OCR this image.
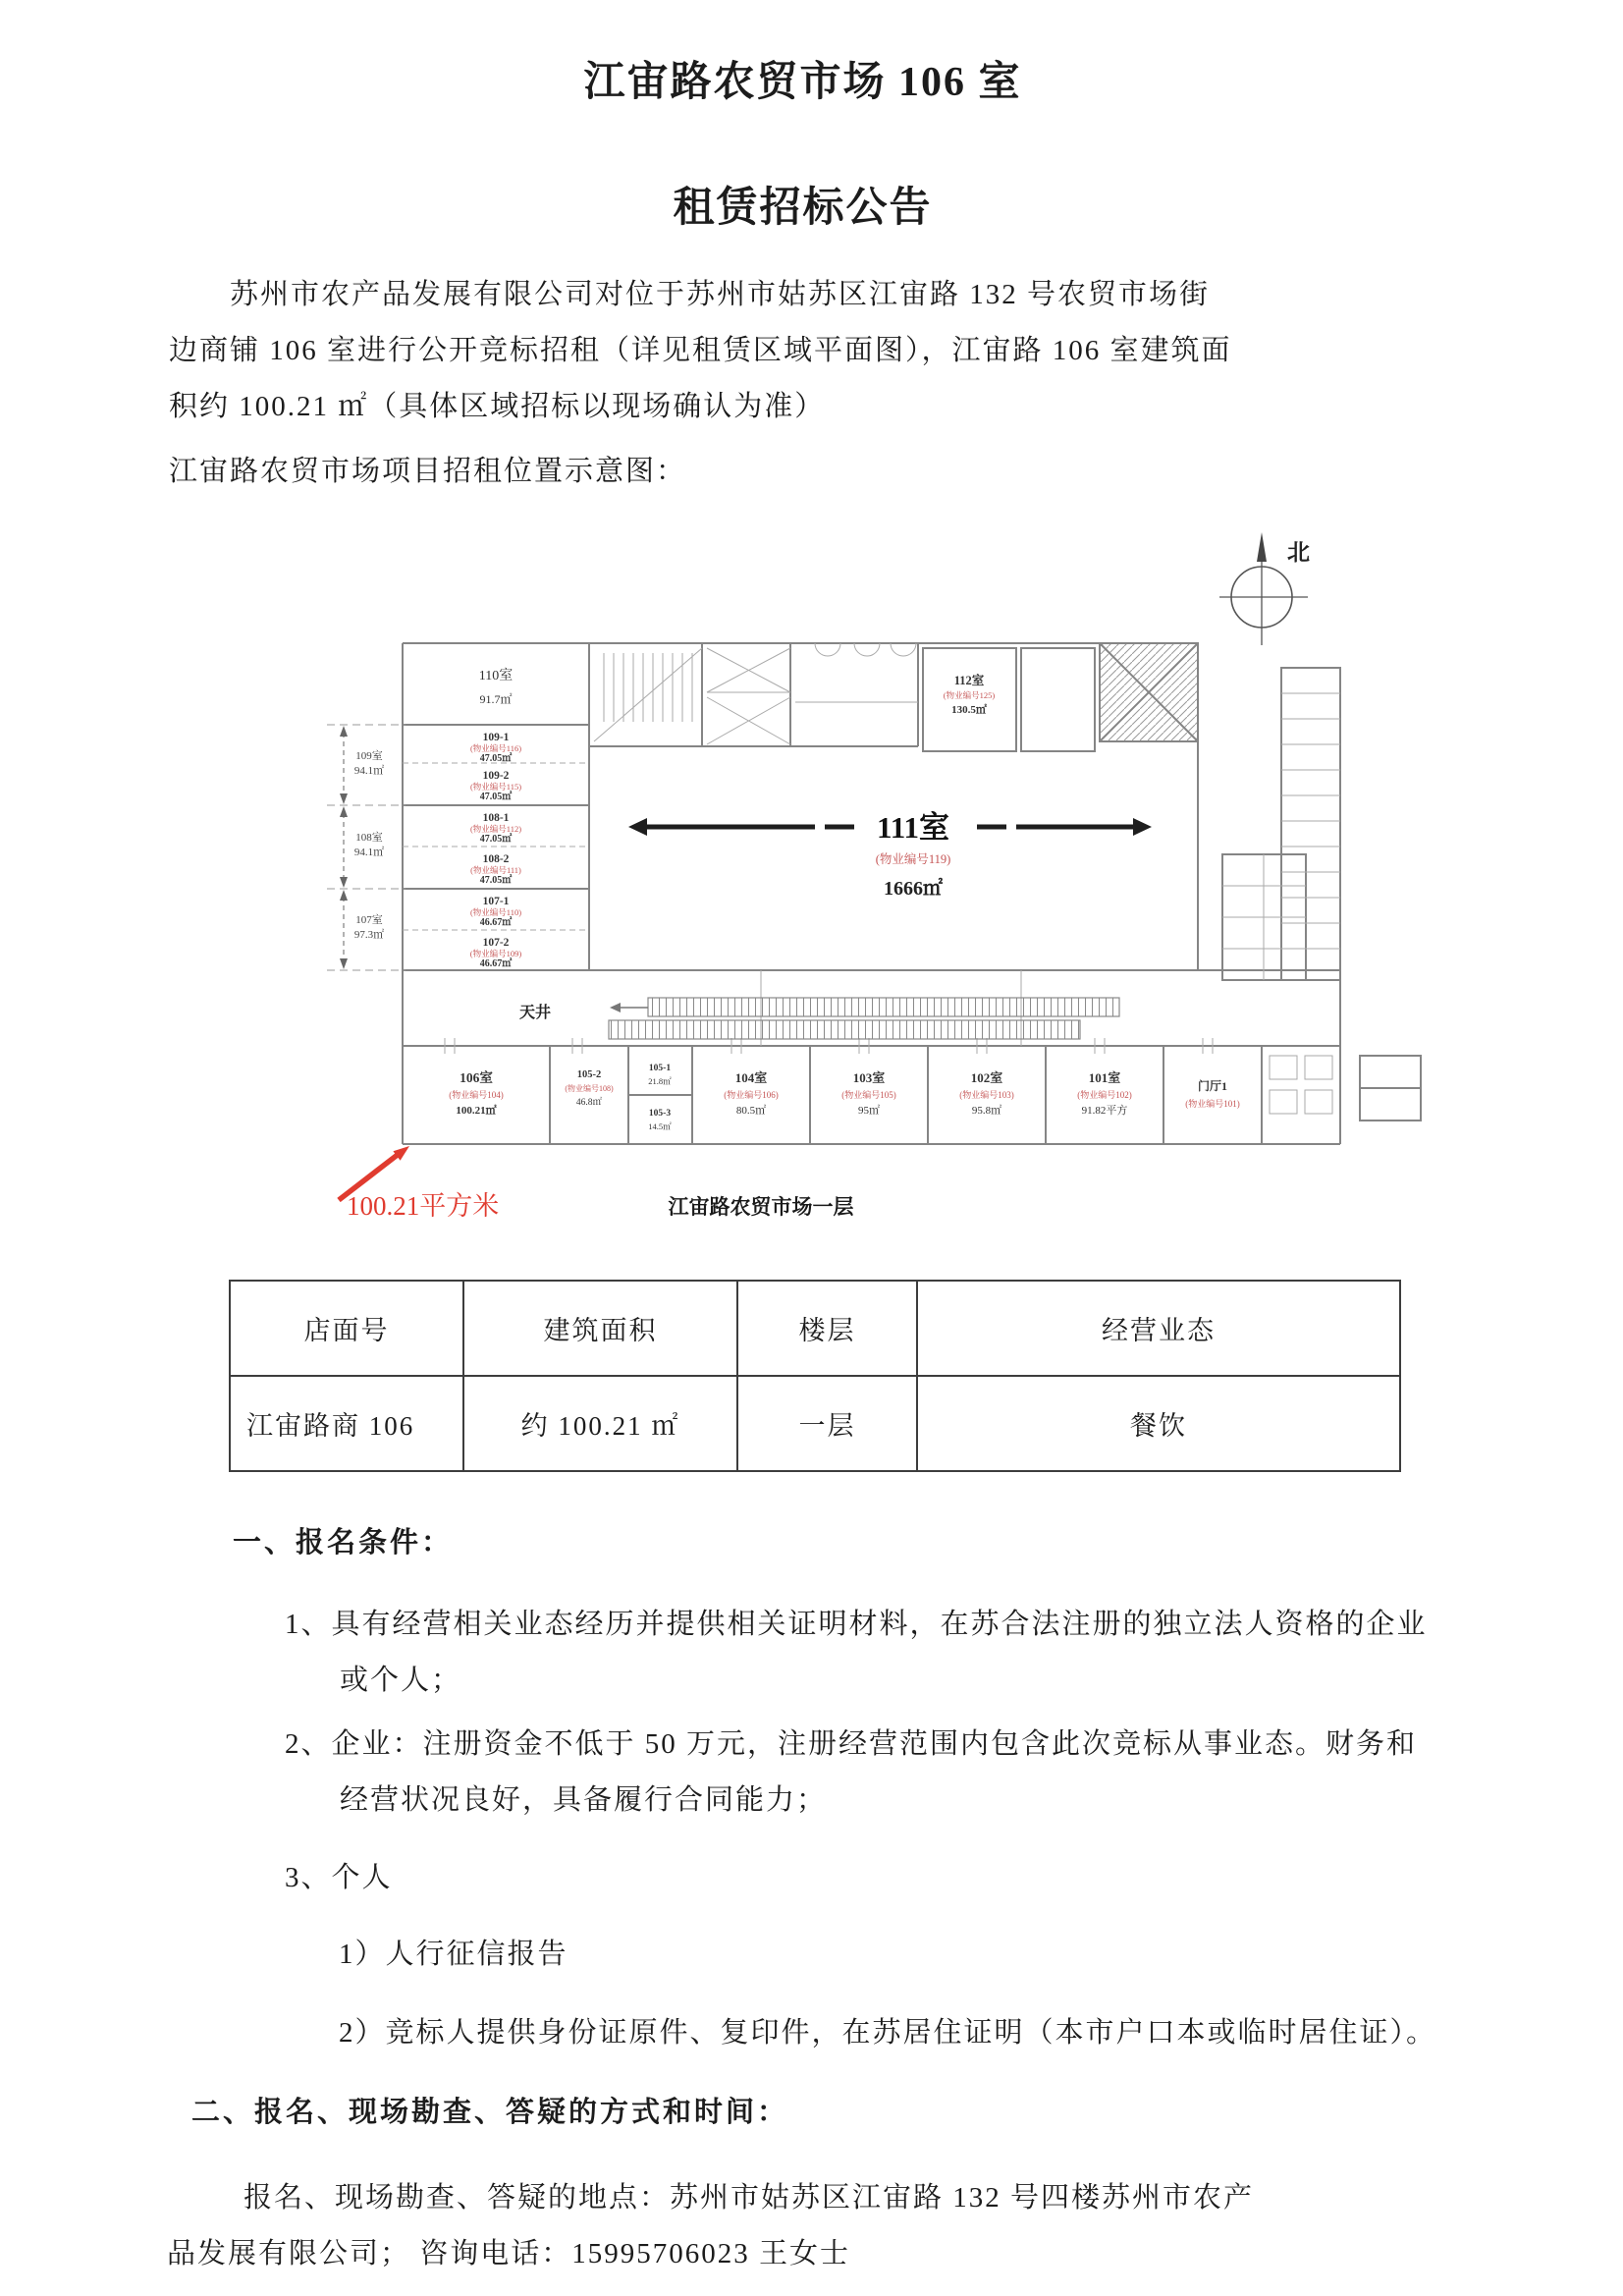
江宙路农贸市场 106 室
租赁招标公告
苏州市农产品发展有限公司对位于苏州市姑苏区江宙路 132 号农贸市场街
边商铺 106 室进行公开竞标招租（详见租赁区域平面图），江宙路 106 室建筑面
积约 100.21 ㎡（具体区域招标以现场确认为准）
江宙路农贸市场项目招租位置示意图：
北
109室
94.1㎡
108室
94.1㎡
107室
97.3㎡
110室
91.7㎡
109-1
(物业编号116)
47.05㎡
109-2
(物业编号115)
47.05㎡
108-1
(物业编号112)
47.05㎡
108-2
(物业编号111)
47.05㎡
107-1
(物业编号110)
46.67㎡
107-2
(物业编号109)
46.67㎡
112室
(物业编号125)
130.5㎡
111室
(物业编号119)
1666㎡
天井
106室
(物业编号104)
100.21㎡
105-2
(物业编号108)
46.8㎡
105-1
21.8㎡
105-3
14.5㎡
104室
(物业编号106)
80.5㎡
103室
(物业编号105)
95㎡
102室
(物业编号103)
95.8㎡
101室
(物业编号102)
91.82平方
门厅1
(物业编号101)
100.21平方米	江宙路农贸市场一层
店面号	建筑面积	楼层	经营业态
江宙路商 106	约 100.21 ㎡	一层	餐饮
一、报名条件：
1、具有经营相关业态经历并提供相关证明材料，在苏合法注册的独立法人资格的企业
或个人；
2、企业：注册资金不低于 50 万元，注册经营范围内包含此次竞标从事业态。财务和
经营状况良好，具备履行合同能力；
3、个人
1）人行征信报告
2）竞标人提供身份证原件、复印件，在苏居住证明（本市户口本或临时居住证）。
二、报名、现场勘查、答疑的方式和时间：
报名、现场勘查、答疑的地点：苏州市姑苏区江宙路 132 号四楼苏州市农产
品发展有限公司； 咨询电话：15995706023 王女士
